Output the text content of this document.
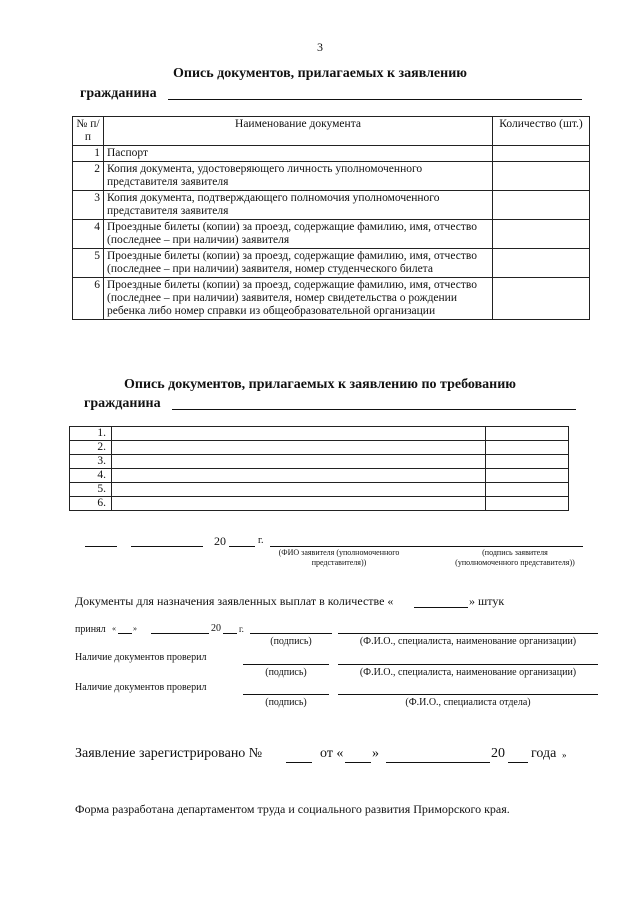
3
Опись документов, прилагаемых к заявлению
гражданина
№ п/п	Наименование документа	Количество (шт.)
1	Паспорт	
2	Копия документа, удостоверяющего личность уполномоченного представителя заявителя	
3	Копия документа, подтверждающего полномочия уполномоченного представителя заявителя	
4	Проездные билеты (копии) за проезд, содержащие фамилию, имя, отчество (последнее – при наличии) заявителя	
5	Проездные билеты (копии) за проезд, содержащие фамилию, имя, отчество (последнее – при наличии) заявителя, номер студенческого билета	
6	Проездные билеты (копии) за проезд, содержащие фамилию, имя, отчество (последнее – при наличии) заявителя, номер свидетельства о рождении ребенка либо номер справки из общеобразовательной организации	
Опись документов, прилагаемых к заявлению по требованию
гражданина
1.		
2.		
3.		
4.		
5.		
6.		
20	г.
(ФИО заявителя (уполномоченного
представителя))
(подпись заявителя
(уполномоченного представителя))
Документы для назначения заявленных выплат в количестве «	» штук
принял « »	20 г.
(подпись)	(Ф.И.О., специалиста, наименование организации)
Наличие документов проверил
(подпись)	(Ф.И.О., специалиста, наименование организации)
Наличие документов проверил
(подпись)	(Ф.И.О., специалиста отдела)
Заявление зарегистрировано №	от « »	20 года »
Форма разработана департаментом труда и социального развития Приморского края.
